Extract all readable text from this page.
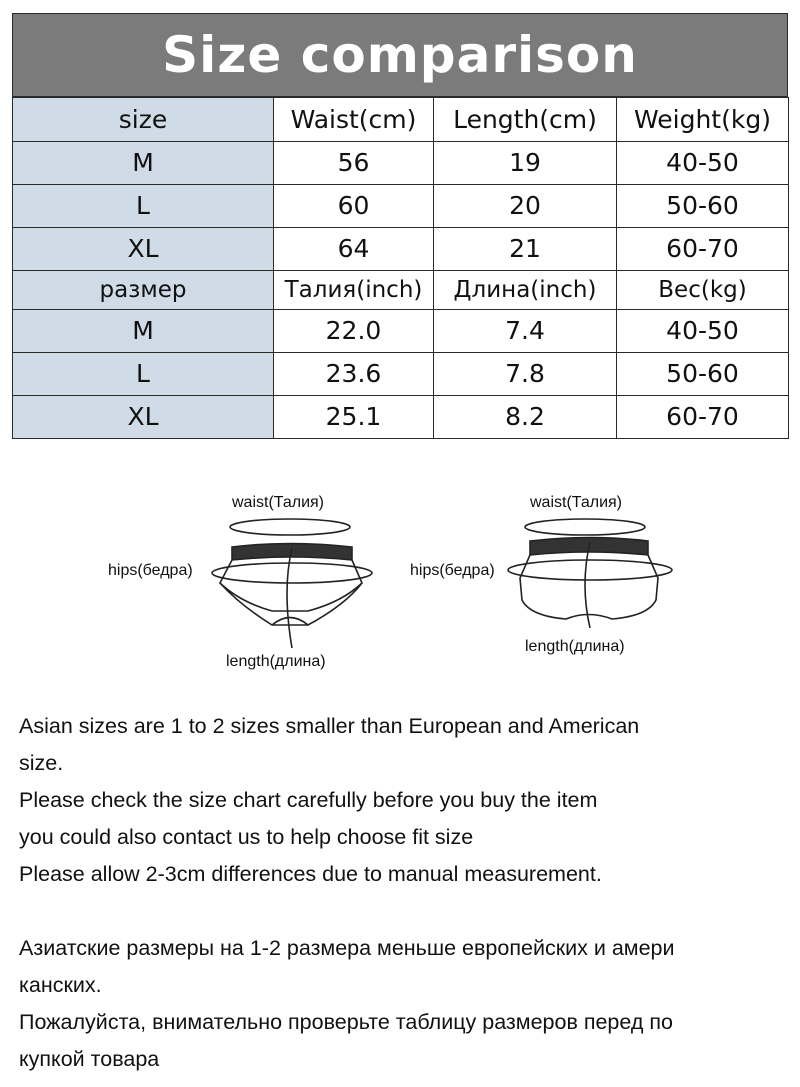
Size comparison
size	Waist(cm)	Length(cm)	Weight(kg)
M	56	19	40-50
L	60	20	50-60
XL	64	21	60-70
размер	Талия(inch)	Длина(inch)	Вес(kg)
M	22.0	7.4	40-50
L	23.6	7.8	50-60
XL	25.1	8.2	60-70
waist(Талия)
hips(бедра)
length(длина)
waist(Талия)
hips(бедра)
length(длина)

Asian sizes are 1 to 2 sizes smaller than European and American

size.

Please check the size chart carefully before you buy the item

you could also contact us to help choose fit size

Please allow 2-3cm differences due to manual measurement.

Азиатские размеры на 1-2 размера меньше европейских и амери

канских.

Пожалуйста, внимательно проверьте таблицу размеров перед по

купкой товара
